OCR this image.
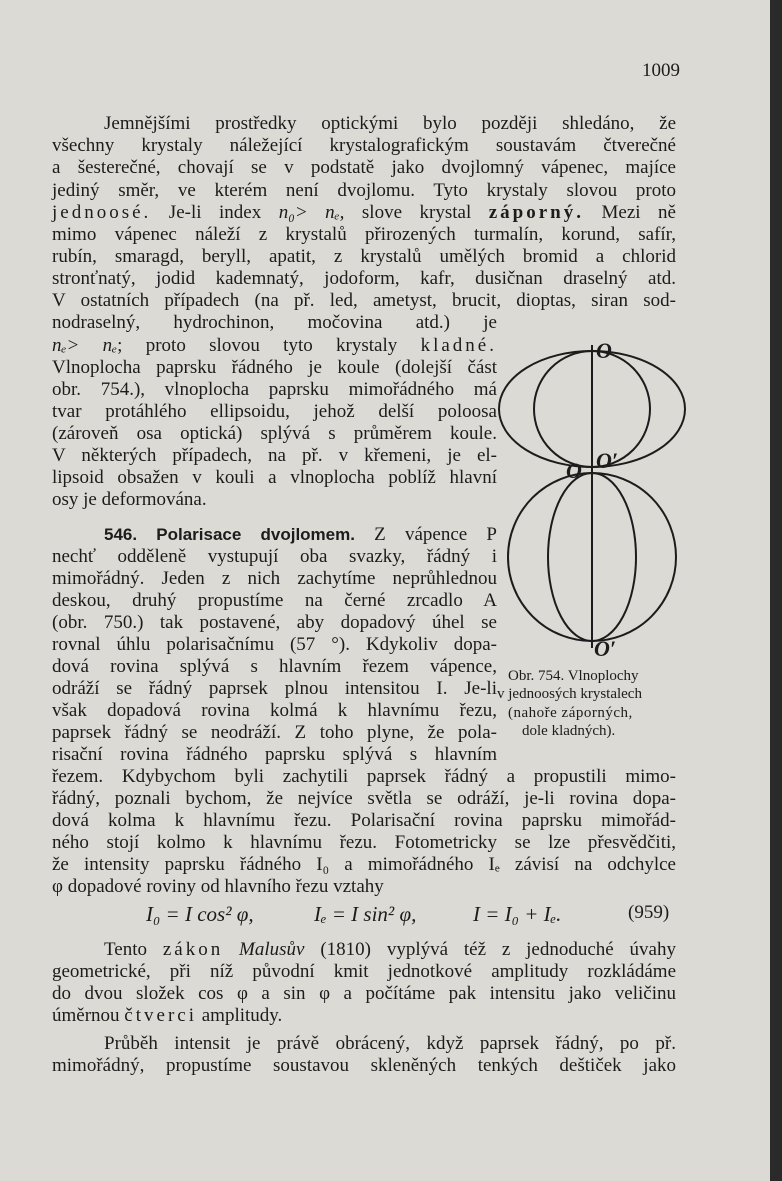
1009
Jemnějšími prostředky optickými bylo později shledáno, že
všechny krystaly náležející krystalografickým soustavám čtverečné
a šesterečné, chovají se v podstatě jako dvojlomný vápenec, majíce
jediný směr, ve kterém není dvojlomu. Tyto krystaly slovou proto
jednoosé. Je-li index n₀> nₑ, slove krystal záporný. Mezi ně
mimo vápenec náleží z krystalů přirozených turmalín, korund, safír,
rubín, smaragd, beryll, apatit, z krystalů umělých bromid a chlorid
stronťnatý, jodid kademnatý, jodoform, kafr, dusičnan draselný atd.
V ostatních případech (na př. led, ametyst, brucit, dioptas, siran sod-
nodraselný, hydrochinon, močovina atd.) je
nₑ> nₑ; proto slovou tyto krystaly kladné.
Vlnoplocha paprsku řádného je koule (dolejší část
obr. 754.), vlnoplocha paprsku mimořádného má
tvar protáhlého ellipsoidu, jehož delší poloosa
(zároveň osa optická) splývá s průměrem koule.
V některých případech, na př. v křemeni, je el-
lipsoid obsažen v kouli a vlnoplocha poblíž hlavní
osy je deformována.
546. Polarisace dvojlomem. Z vápence P
nechť odděleně vystupují oba svazky, řádný i
mimořádný. Jeden z nich zachytíme neprůhlednou
deskou, druhý propustíme na černé zrcadlo A
(obr. 750.) tak postavené, aby dopadový úhel se
rovnal úhlu polarisačnímu (57 °). Kdykoliv dopa-
dová rovina splývá s hlavním řezem vápence,
odráží se řádný paprsek plnou intensitou I. Je-li
však dopadová rovina kolmá k hlavnímu řezu,
paprsek řádný se neodráží. Z toho plyne, že pola-
risační rovina řádného paprsku splývá s hlavním
řezem. Kdybychom byli zachytili paprsek řádný a propustili mimo-
řádný, poznali bychom, že nejvíce světla se odráží, je-li rovina dopa-
dová kolma k hlavnímu řezu. Polarisační rovina paprsku mimořád-
ného stojí kolmo k hlavnímu řezu. Fotometricky se lze přesvědčiti,
že intensity paprsku řádného I₀ a mimořádného Iₑ závisí na odchylce
φ dopadové roviny od hlavního řezu vztahy
I₀ = I cos² φ,	Iₑ = I sin² φ,	I = I₀ + Iₑ.	(959)
Tento zákon Malusův (1810) vyplývá též z jednoduché úvahy
geometrické, při níž původní kmit jednotkové amplitudy rozkládáme
do dvou složek cos φ a sin φ a počítáme pak intensitu jako veličinu
úměrnou čtverci amplitudy.
Průběh intensit je právě obrácený, když paprsek řádný, po př.
mimořádný, propustíme soustavou skleněných tenkých deštiček jako
O
O O′
O′
Obr. 754. Vlnoplochy
v jednoosých krystalech
(nahoře záporných,
dole kladných).
